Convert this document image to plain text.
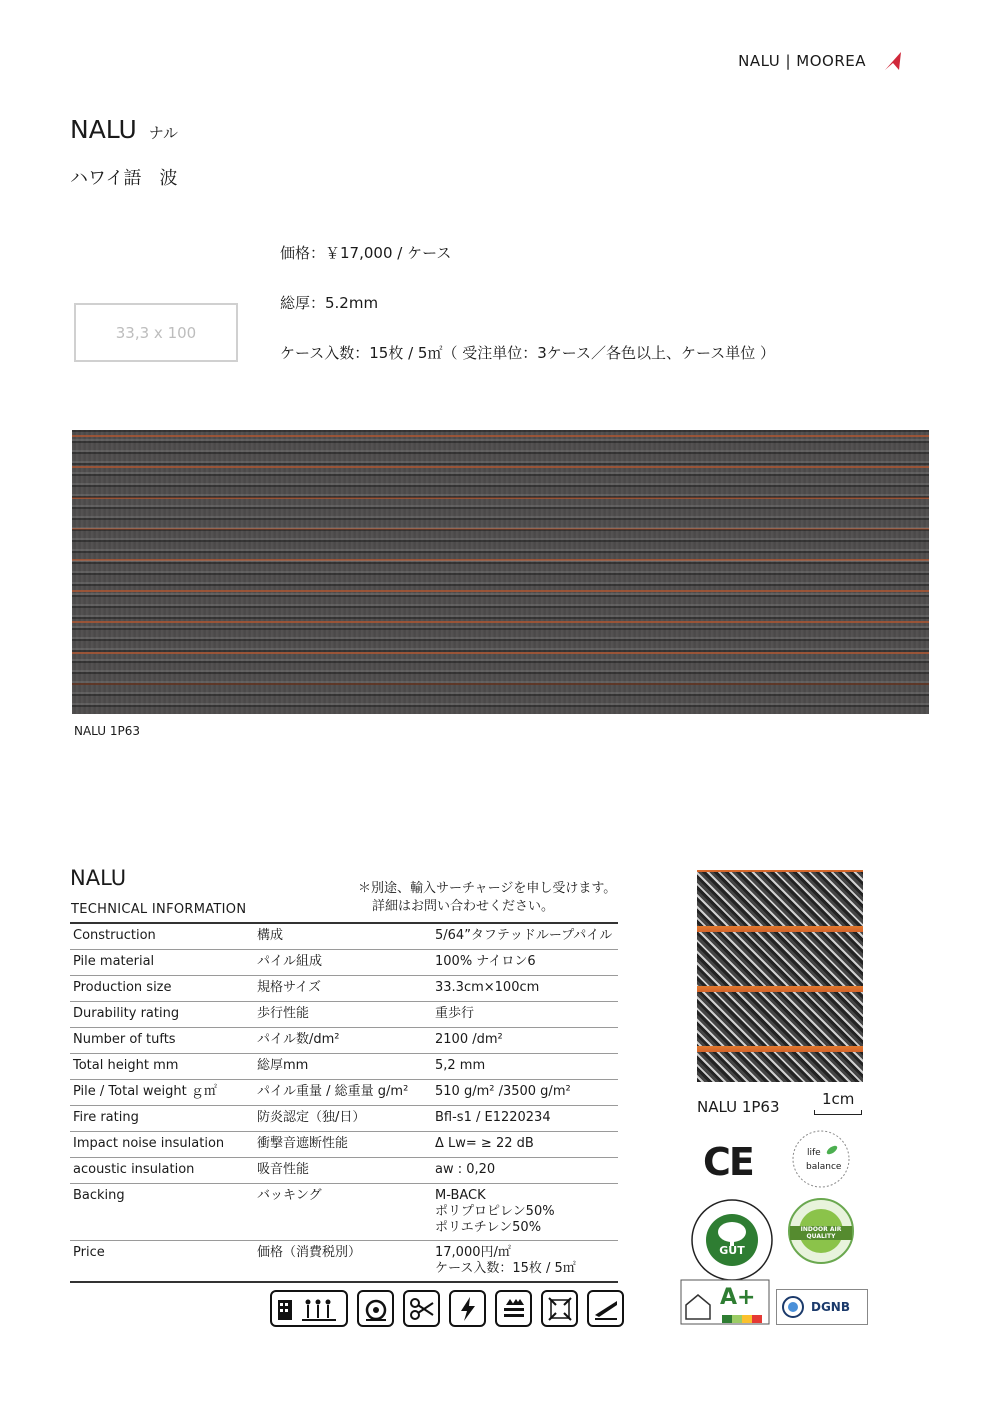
NALU | MOOREA
NALU ナル
ハワイ語　波
33,3 x 100
価格：￥17,000 / ケース
総厚：5.2mm
ケース入数：15枚 / 5㎡（ 受注単位：3ケース／各色以上、ケース単位 ）
NALU 1P63
NALU
TECHNICAL INFORMATION
＊別途、輸入サーチャージを申し受けます。
詳細はお問い合わせください。
Construction	構成	5/64”タフテッドループパイル
Pile material	パイル組成	100% ナイロン6
Production size	規格サイズ	33.3cm×100cm
Durability rating	歩行性能	重歩行
Number of tufts	パイル数/dm²	2100 /dm²
Total height mm	総厚mm	5,2 mm
Pile / Total weight ｇ㎡	パイル重量 / 総重量 g/m²	510 g/m² /3500 g/m²
Fire rating	防炎認定（独/日）	Bfl-s1 / E1220234
Impact noise insulation	衝撃音遮断性能	Δ Lw= ≥ 22 dB
acoustic insulation	吸音性能	aw : 0,20
Backing	バッキング	M-BACK
ポリプロピレン50%
ポリエチレン50%
Price	価格（消費税別）	17,000円/㎡
ケース入数：15枚 / 5㎡
NALU 1P63	1cm
CE	life
balance
GUT
INDOOR AIR QUALITY
A+	DGNB
